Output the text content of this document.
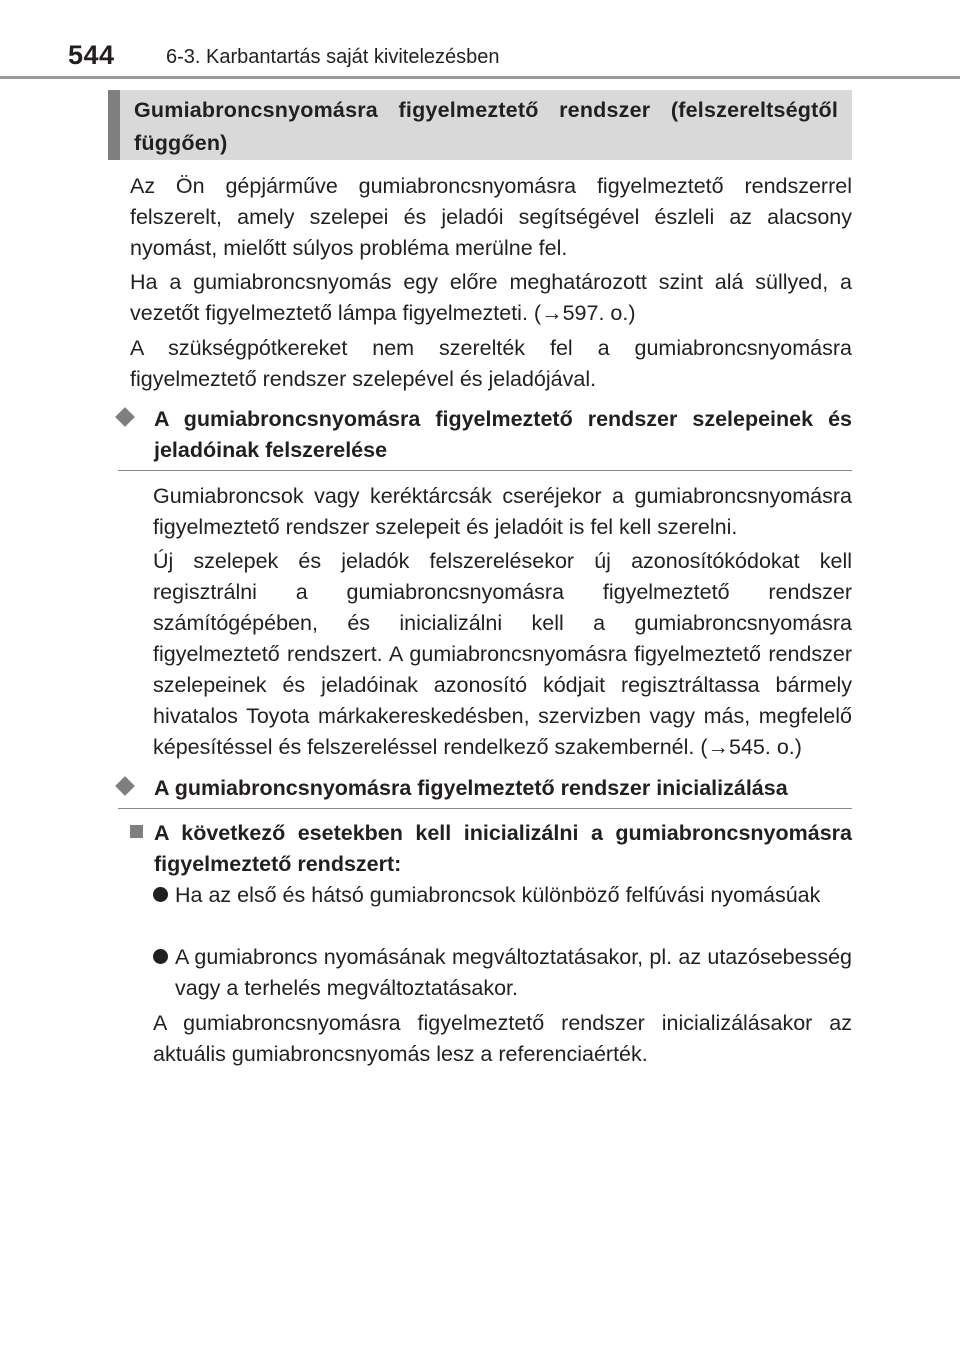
544	6-3. Karbantartás saját kivitelezésben
Gumiabroncsnyomásra figyelmeztető rendszer (felszereltségtől függően)

Az Ön gépjárműve gumiabroncsnyomásra figyelmeztető rendszerrel felszerelt, amely szelepei és jeladói segítségével észleli az alacsony nyomást, mielőtt súlyos probléma merülne fel.

Ha a gumiabroncsnyomás egy előre meghatározott szint alá süllyed, a vezetőt figyelmeztető lámpa figyelmezteti. (→597. o.)

A szükségpótkereket nem szerelték fel a gumiabroncsnyomásra figyelmeztető rendszer szelepével és jeladójával.

A gumiabroncsnyomásra figyelmeztető rendszer szelepeinek és jeladóinak felszerelése

Gumiabroncsok vagy keréktárcsák cseréjekor a gumiabroncsnyomásra figyelmeztető rendszer szelepeit és jeladóit is fel kell szerelni.

Új szelepek és jeladók felszerelésekor új azonosítókódokat kell regisztrálni a gumiabroncsnyomásra figyelmeztető rendszer számítógépében, és inicializálni kell a gumiabroncsnyomásra figyelmeztető rendszert. A gumiabroncsnyomásra figyelmeztető rendszer szelepeinek és jeladóinak azonosító kódjait regisztráltassa bármely hivatalos Toyota márkakereskedésben, szervizben vagy más, megfelelő képesítéssel és felszereléssel rendelkező szakembernél. (→545. o.)

A gumiabroncsnyomásra figyelmeztető rendszer inicializálása
A következő esetekben kell inicializálni a gumiabroncsnyomásra figyelmeztető rendszert:
Ha az első és hátsó gumiabroncsok különböző felfúvási nyomásúak
A gumiabroncs nyomásának megváltoztatásakor, pl. az utazósebesség vagy a terhelés megváltoztatásakor.

A gumiabroncsnyomásra figyelmeztető rendszer inicializálásakor az aktuális gumiabroncsnyomás lesz a referenciaérték.
